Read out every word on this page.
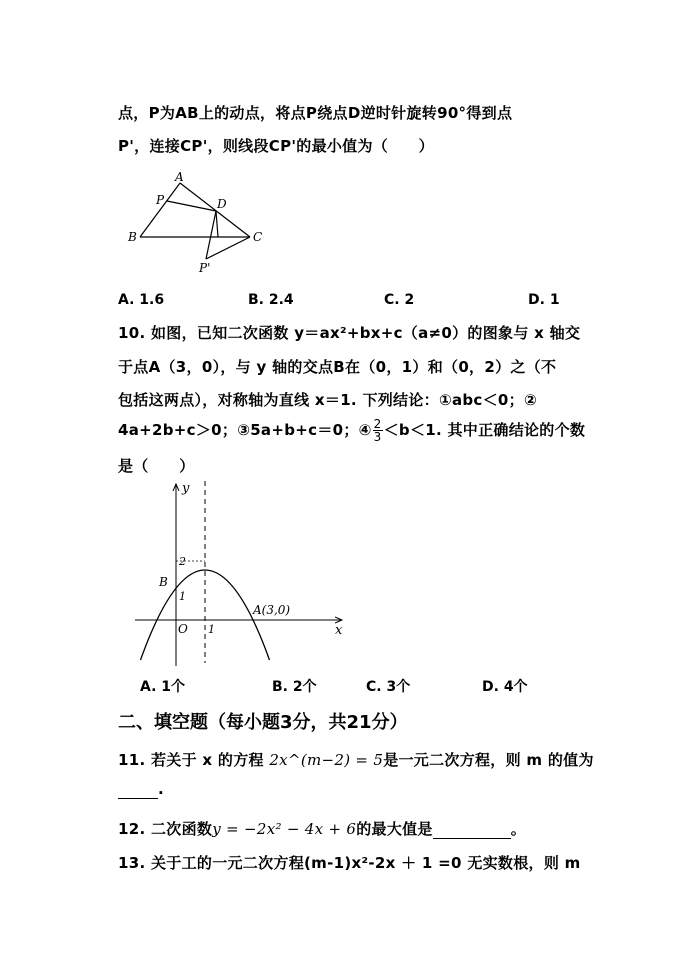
点，P为AB上的动点，将点P绕点D逆时针旋转90°得到点
P'，连接CP'，则线段CP'的最小值为（　　）
A
P	D
B	C
P'
A. 1.6	B. 2.4	C. 2	D. 1
10. 如图，已知二次函数 y＝ax²+bx+c（a≠0）的图象与 x 轴交
于点A（3，0），与 y 轴的交点B在（0，1）和（0，2）之（不
包括这两点），对称轴为直线 x＝1. 下列结论：①abc＜0；②
4a+2b+c＞0；③5a+b+c＝0；④ $\frac{2}{3} <b<1$. 其中正确结论的个数
是（　　）
y
x
O
B
A(3,0)
2
1
1
A. 1个	B. 2个	C. 3个	D. 4个
二、填空题（每小题3分，共21分）
11. 若关于 x 的方程 2x^(m−2) = 5是一元二次方程，则 m 的值为
.
12. 二次函数y = −2x² − 4x + 6的最大值是	。
13. 关于工的一元二次方程(m-1)x²-2x ＋ 1 =0 无实数根，则 m
